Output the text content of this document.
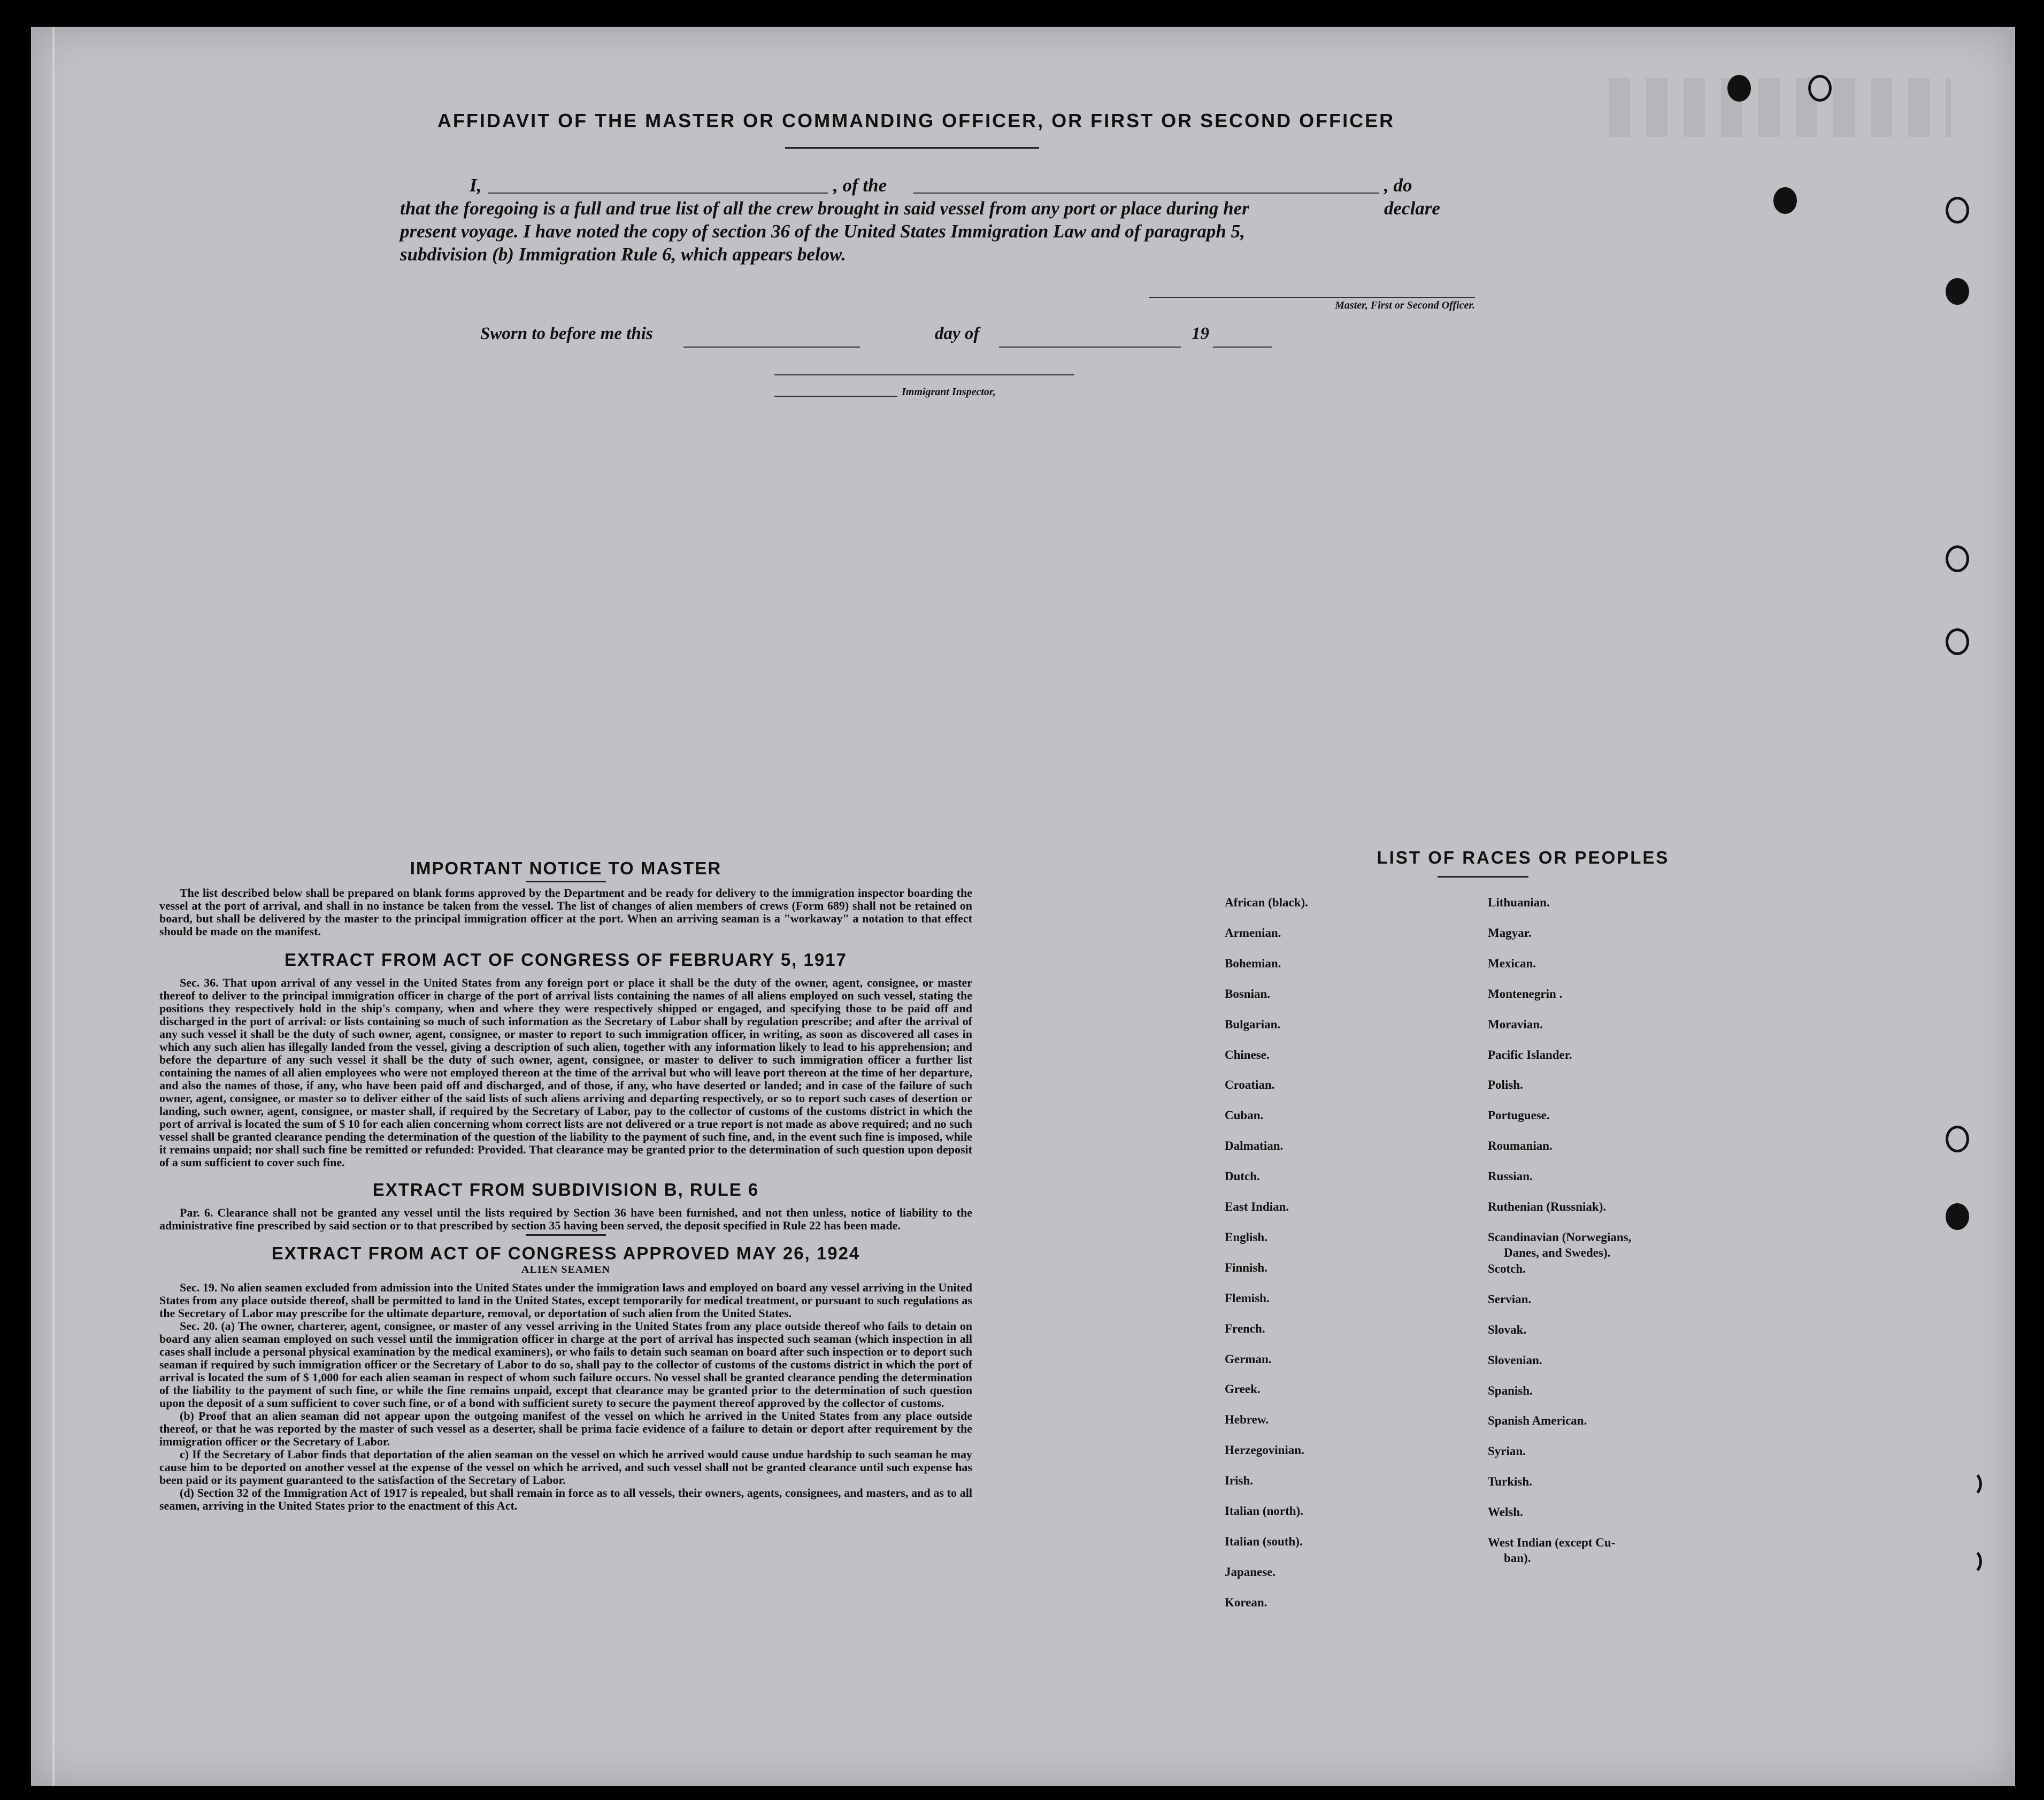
AFFIDAVIT OF THE MASTER OR COMMANDING OFFICER, OR FIRST OR SECOND OFFICER
I,	, of the	, do declare
that the foregoing is a full and true list of all the crew brought in said vessel from any port or place during her
present voyage. I have noted the copy of section 36 of the United States Immigration Law and of paragraph 5,
subdivision (b) Immigration Rule 6, which appears below.
Master, First or Second Officer.
Sworn to before me this	day of	19
Immigrant Inspector,
IMPORTANT NOTICE TO MASTER

The list described below shall be prepared on blank forms approved by the Department and be ready for delivery to the immigration inspector boarding the vessel at the port of arrival, and shall in no instance be taken from the vessel. The list of changes of alien members of crews (Form 689) shall not be retained on board, but shall be delivered by the master to the principal immigration officer at the port. When an arriving seaman is a "workaway" a notation to that effect should be made on the manifest.

EXTRACT FROM ACT OF CONGRESS OF FEBRUARY 5, 1917

Sec. 36. That upon arrival of any vessel in the United States from any foreign port or place it shall be the duty of the owner, agent, consignee, or master thereof to deliver to the principal immigration officer in charge of the port of arrival lists containing the names of all aliens employed on such vessel, stating the positions they respectively hold in the ship's company, when and where they were respectively shipped or engaged, and specifying those to be paid off and discharged in the port of arrival: or lists containing so much of such information as the Secretary of Labor shall by regulation prescribe; and after the arrival of any such vessel it shall be the duty of such owner, agent, consignee, or master to report to such immigration officer, in writing, as soon as discovered all cases in which any such alien has illegally landed from the vessel, giving a description of such alien, together with any information likely to lead to his apprehension; and before the departure of any such vessel it shall be the duty of such owner, agent, consignee, or master to deliver to such immigration officer a further list containing the names of all alien employees who were not employed thereon at the time of the arrival but who will leave port thereon at the time of her departure, and also the names of those, if any, who have been paid off and discharged, and of those, if any, who have deserted or landed; and in case of the failure of such owner, agent, consignee, or master so to deliver either of the said lists of such aliens arriving and departing respectively, or so to report such cases of desertion or landing, such owner, agent, consignee, or master shall, if required by the Secretary of Labor, pay to the collector of customs of the customs district in which the port of arrival is located the sum of $ 10 for each alien concerning whom correct lists are not delivered or a true report is not made as above required; and no such vessel shall be granted clearance pending the determination of the question of the liability to the payment of such fine, and, in the event such fine is imposed, while it remains unpaid; nor shall such fine be remitted or refunded: Provided. That clearance may be granted prior to the determination of such question upon deposit of a sum sufficient to cover such fine.

EXTRACT FROM SUBDIVISION B, RULE 6

Par. 6. Clearance shall not be granted any vessel until the lists required by Section 36 have been furnished, and not then unless, notice of liability to the administrative fine prescribed by said section or to that prescribed by section 35 having been served, the deposit specified in Rule 22 has been made.

EXTRACT FROM ACT OF CONGRESS APPROVED MAY 26, 1924

ALIEN SEAMEN

Sec. 19. No alien seamen excluded from admission into the United States under the immigration laws and employed on board any vessel arriving in the United States from any place outside thereof, shall be permitted to land in the United States, except temporarily for medical treatment, or pursuant to such regulations as the Secretary of Labor may prescribe for the ultimate departure, removal, or deportation of such alien from the United States.

Sec. 20. (a) The owner, charterer, agent, consignee, or master of any vessel arriving in the United States from any place outside thereof who fails to detain on board any alien seaman employed on such vessel until the immigration officer in charge at the port of arrival has inspected such seaman (which inspection in all cases shall include a personal physical examination by the medical examiners), or who fails to detain such seaman on board after such inspection or to deport such seaman if required by such immigration officer or the Secretary of Labor to do so, shall pay to the collector of customs of the customs district in which the port of arrival is located the sum of $ 1,000 for each alien seaman in respect of whom such failure occurs. No vessel shall be granted clearance pending the determination of the liability to the payment of such fine, or while the fine remains unpaid, except that clearance may be granted prior to the determination of such question upon the deposit of a sum sufficient to cover such fine, or of a bond with sufficient surety to secure the payment thereof approved by the collector of customs.

(b) Proof that an alien seaman did not appear upon the outgoing manifest of the vessel on which he arrived in the United States from any place outside thereof, or that he was reported by the master of such vessel as a deserter, shall be prima facie evidence of a failure to detain or deport after requirement by the immigration officer or the Secretary of Labor.

c) If the Secretary of Labor finds that deportation of the alien seaman on the vessel on which he arrived would cause undue hardship to such seaman he may cause him to be deported on another vessel at the expense of the vessel on which he arrived, and such vessel shall not be granted clearance until such expense has been paid or its payment guaranteed to the satisfaction of the Secretary of Labor.

(d) Section 32 of the Immigration Act of 1917 is repealed, but shall remain in force as to all vessels, their owners, agents, consignees, and masters, and as to all seamen, arriving in the United States prior to the enactment of this Act.

LIST OF RACES OR PEOPLES
African (black).
Armenian.
Bohemian.
Bosnian.
Bulgarian.
Chinese.
Croatian.
Cuban.
Dalmatian.
Dutch.
East Indian.
English.
Finnish.
Flemish.
French.
German.
Greek.
Hebrew.
Herzegovinian.
Irish.
Italian (north).
Italian (south).
Japanese.
Korean.
Lithuanian.
Magyar.
Mexican.
Montenegrin .
Moravian.
Pacific Islander.
Polish.
Portuguese.
Roumanian.
Russian.
Ruthenian (Russniak).
Scandinavian (Norwegians,
Danes, and Swedes).
Scotch.
Servian.
Slovak.
Slovenian.
Spanish.
Spanish American.
Syrian.
Turkish.
Welsh.
West Indian (except Cu-
ban).
